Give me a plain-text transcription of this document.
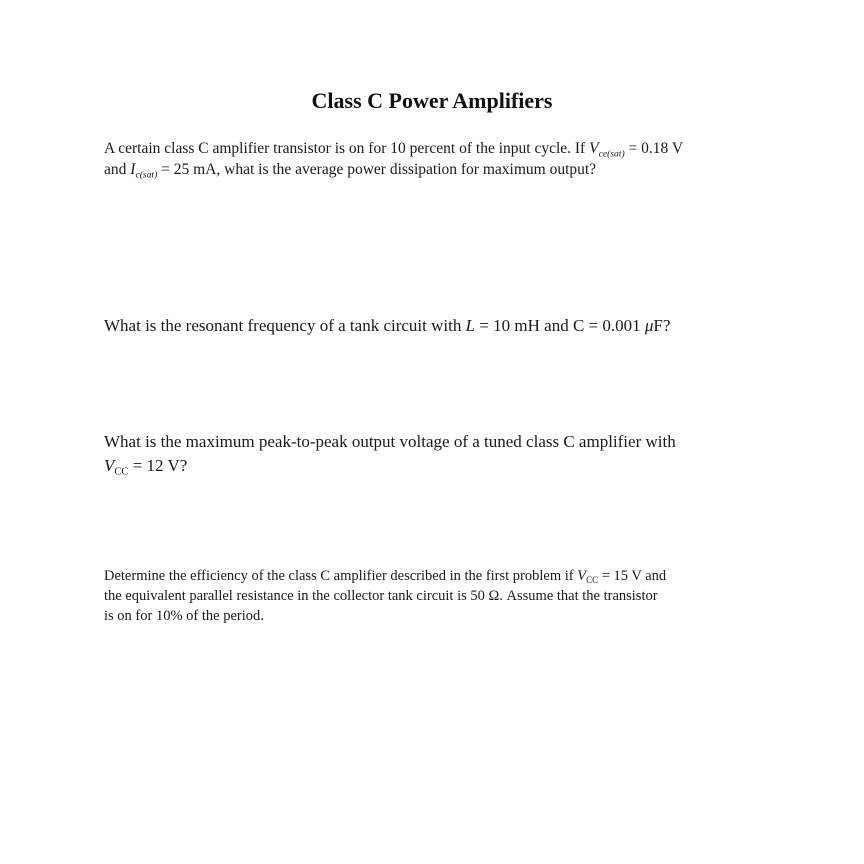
Class C Power Amplifiers

A certain class C amplifier transistor is on for 10 percent of the input cycle. If $V_{ce(sat)} = 0.18$ V
and $I_{c(sat)} = 25$ mA, what is the average power dissipation for maximum output?

What is the resonant frequency of a tank circuit with L = 10 mH and C = 0.001 μF?

What is the maximum peak-to-peak output voltage of a tuned class C amplifier with
$V_{CC} = 12$ V?

Determine the efficiency of the class C amplifier described in the first problem if $V_{CC} = 15$ V and
the equivalent parallel resistance in the collector tank circuit is 50 Ω. Assume that the transistor
is on for 10% of the period.
